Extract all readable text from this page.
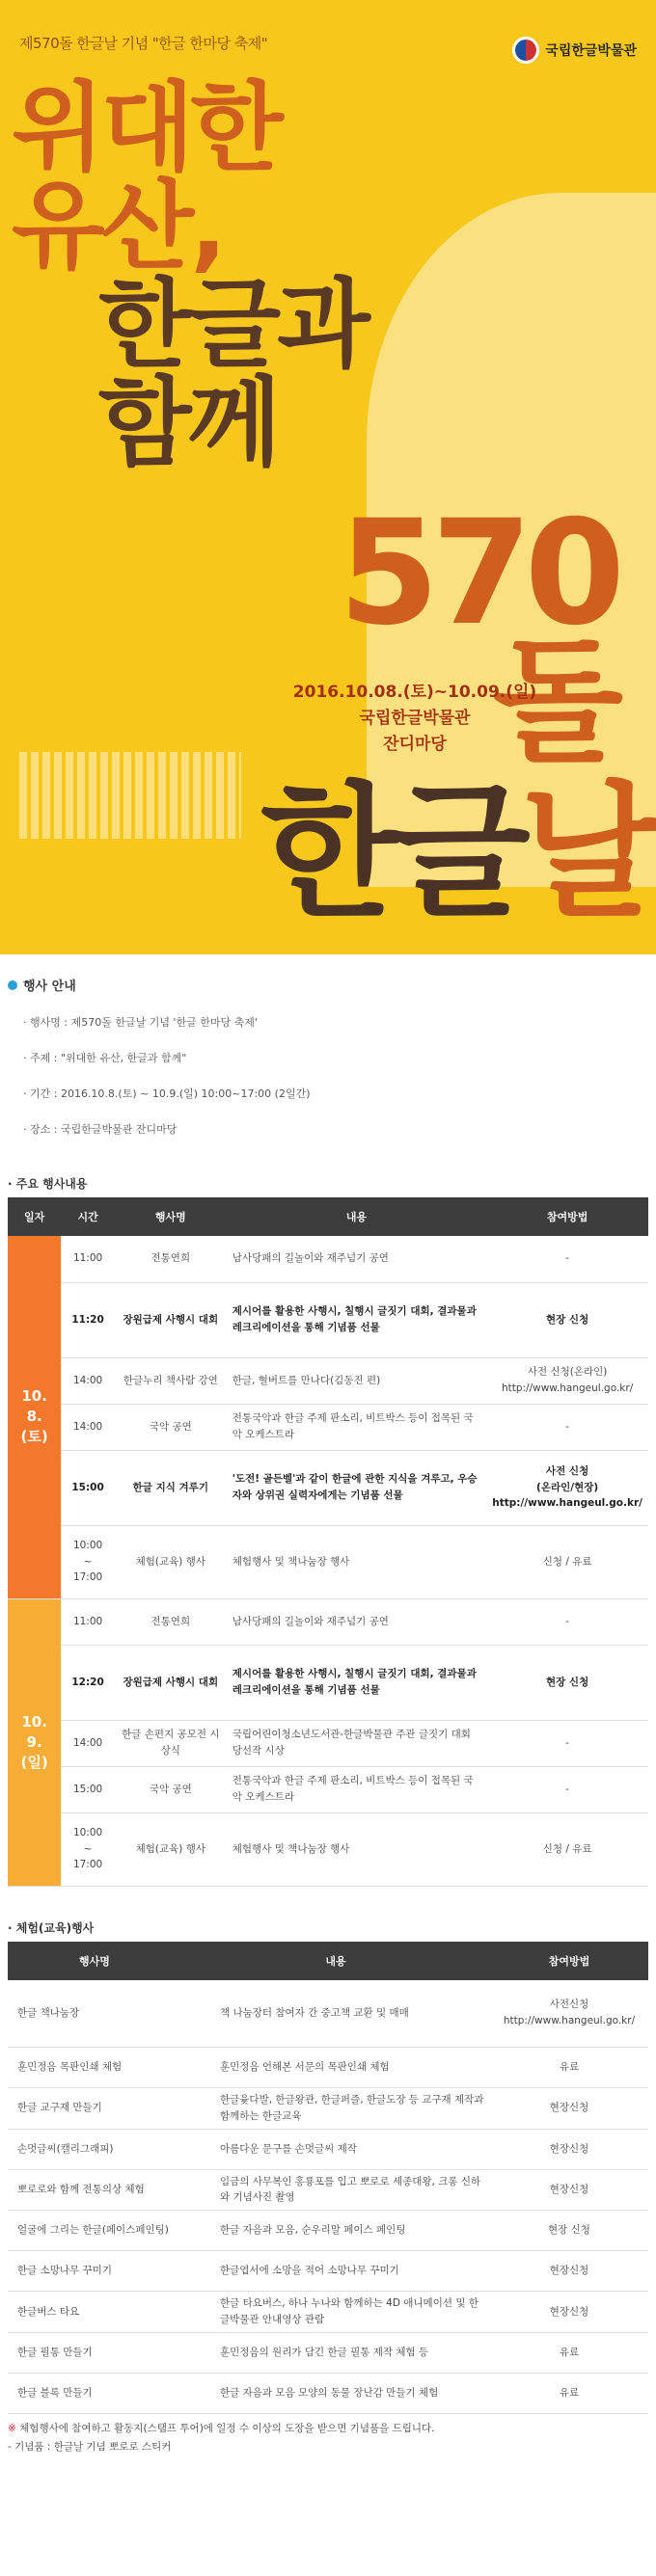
제570돌 한글날 기념 "한글 한마당 축제"	국립한글박물관
위대한
유산,
한글과
함께
570
돌
2016.10.08.(토)~10.09.(일)
국립한글박물관
잔디마당
한글날
행사 안내
· 행사명 : 제570돌 한글날 기념 '한글 한마당 축제'
· 주제 : "위대한 유산, 한글과 함께"
· 기간 : 2016.10.8.(토) ~ 10.9.(일) 10:00~17:00 (2일간)
· 장소 : 국립한글박물관 잔디마당
· 주요 행사내용
일자	시간	행사명	내용	참여방법
10. 8.
(토)	11:00	전통연희	남사당패의 길놀이와 재주넘기 공연	-
	11:20	장원급제 사행시 대회	제시어를 활용한 사행시, 칠행시 글짓기 대회, 결과물과 레크리에이션을 통해 기념품 선물	현장 신청
	14:00	한글누리 책사람 강연	한글, 혈버트를 만나다(김동진 편)	사전 신청(온라인)
http://www.hangeul.go.kr/
	14:00	국악 공연	전통국악과 한글 주제 판소리, 비트박스 등이 접목된 국악 오케스트라	-
	15:00	한글 지식 겨루기	'도전! 골든벨'과 같이 한글에 관한 지식을 겨루고, 우승자와 상위권 실력자에게는 기념품 선물	사전 신청
(온라인/현장)
http://www.hangeul.go.kr/
	10:00
~
17:00	체험(교육) 행사	체험행사 및 책나눔장 행사	신청 / 유료
10. 9.
(일)	11:00	전통연희	남사당패의 길놀이와 재주넘기 공연	-
	12:20	장원급제 사행시 대회	제시어를 활용한 사행시, 칠행시 글짓기 대회, 결과물과 레크리에이션을 통해 기념품 선물	현장 신청
	14:00	한글 손편지 공모전 시상식	국립어린이청소년도서관-한글박물관 주관 글짓기 대회 당선작 시상	-
	15:00	국악 공연	전통국악과 한글 주제 판소리, 비트박스 등이 접목된 국악 오케스트라	-
	10:00
~
17:00	체험(교육) 행사	체험행사 및 책나눔장 행사	신청 / 유료
· 체험(교육)행사
행사명	내용	참여방법
한글 책나눔장	책 나눔장터 참여자 간 중고책 교환 및 매매	사전신청
http://www.hangeul.go.kr/
훈민정음 목판인쇄 체험	훈민정음 언해본 서문의 목판인쇄 체험	유료
한글 교구재 만들기	한글윷다발, 한글왕관, 한글퍼즐, 한글도장 등 교구재 제작과 함께하는 한글교육	현장신청
손멋글씨(캘리그래피)	아름다운 문구를 손멋글씨 제작	현장신청
뽀로로와 함께 전통의상 체험	임금의 사무복인 홍룡포를 입고 뽀로로 세종대왕, 크롱 신하와 기념사진 촬영	현장신청
얼굴에 그리는 한글(페이스페인팅)	한글 자음과 모음, 순우리말 페이스 페인팅	현장 신청
한글 소망나무 꾸미기	한글엽서에 소망을 적어 소망나무 꾸미기	현장신청
한글버스 타요	한글 타요버스, 하나 누나와 함께하는 4D 애니메이션 및 한글박물관 안내영상 관람	현장신청
한글 필통 만들기	훈민정음의 원리가 담긴 한글 필통 제작 체험 등	유료
한글 블록 만들기	한글 자음과 모음 모양의 동물 장난감 만들기 체험	유료
※ 체험행사에 참여하고 활동지(스탬프 투어)에 일정 수 이상의 도장을 받으면 기념품을 드립니다.
- 기념품 : 한글날 기념 뽀로로 스티커
